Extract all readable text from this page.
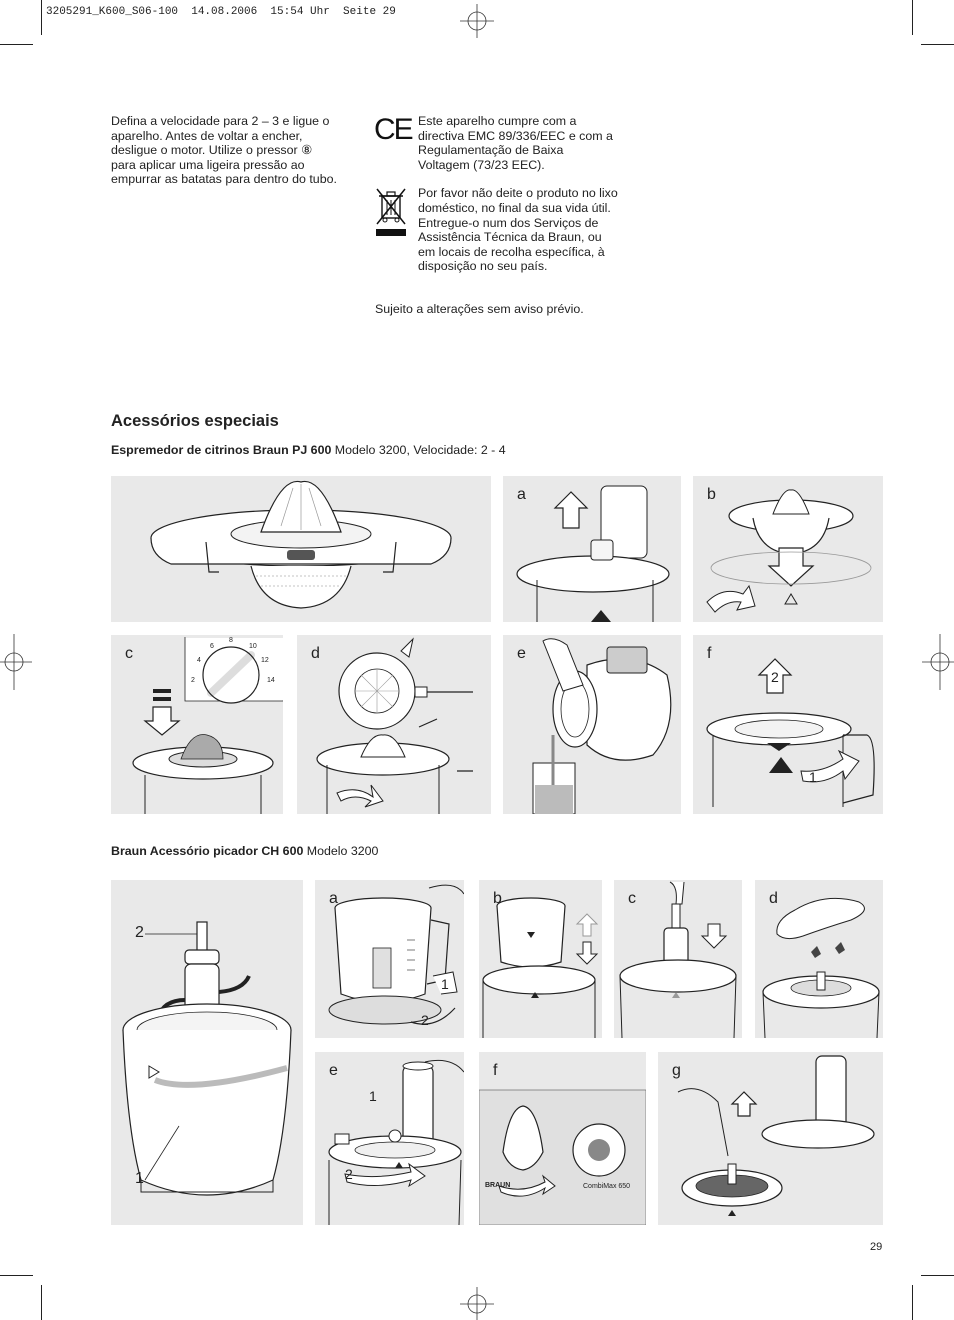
3205291_K600_S06-100  14.08.2006  15:54 Uhr  Seite 29

Defina a velocidade para 2 – 3 e ligue o aparelho. Antes de voltar a encher, desligue o motor. Utilize o pressor ⑧ para aplicar uma ligeira pressão ao empurrar as batatas para dentro do tubo.

CE Este aparelho cumpre com a directiva EMC 89/336/EEC e com a Regulamentação de Baixa Voltagem (73/23 EEC).

Por favor não deite o produto no lixo doméstico, no final da sua vida útil. Entregue-o num dos Serviços de Assistência Técnica da Braun, ou em locais de recolha específica, à disposição no seu país.

Sujeito a alterações sem aviso prévio.
Acessórios especiais
Espremedor de citrinos Braun PJ 600 Modelo 3200, Velocidade: 2 - 4
a	b
c
2
4
6
8
10
12
14
d	e	f
2
1
Braun Acessório picador CH 600 Modelo 3200
2
1
a
1
2
b	c	d
e
1
2
f
BRAUN	CombiMax 650
g
29
